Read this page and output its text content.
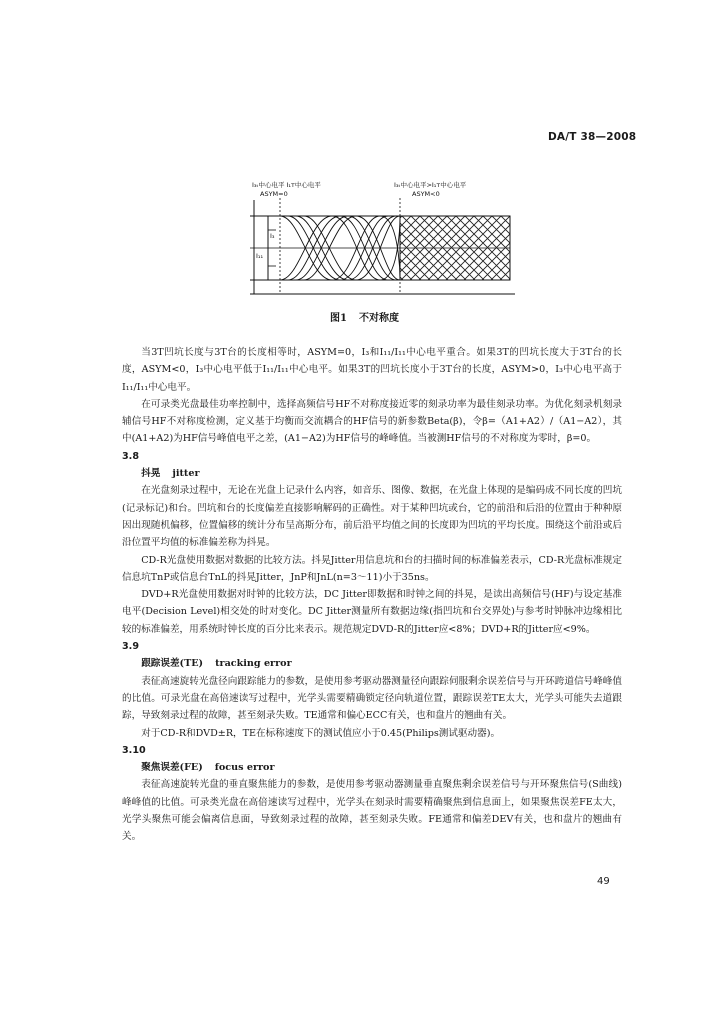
DA/T 38—2008
I₃ₜ中心电平 I₁ᴛ中心电平
ASYM=0
I₃ₜ中心电平>I₁ᴛ中心电平
ASYM<0
I₃
I₁₁
图1 不对称度

当3T凹坑长度与3T台的长度相等时，ASYM=0，I₃和I₁₁/I₁₁中心电平重合。如果3T的凹坑长度大于3T台的长度，ASYM<0，I₃中心电平低于I₁₁/I₁₁中心电平。如果3T的凹坑长度小于3T台的长度，ASYM>0，I₃中心电平高于I₁₁/I₁₁中心电平。

在可录类光盘最佳功率控制中，选择高频信号HF不对称度接近零的刻录功率为最佳刻录功率。为优化刻录机刻录辅信号HF不对称度检测，定义基于均衡而交流耦合的HF信号的新参数Beta(β)，令β=（A1+A2）/（A1−A2），其中(A1+A2)为HF信号峰值电平之差，(A1−A2)为HF信号的峰峰值。当被测HF信号的不对称度为零时，β=0。

3.8

抖晃 jitter

在光盘刻录过程中，无论在光盘上记录什么内容，如音乐、图像、数据，在光盘上体现的是编码成不同长度的凹坑(记录标记)和台。凹坑和台的长度偏差直接影响解码的正确性。对于某种凹坑或台，它的前沿和后沿的位置由于种种原因出现随机偏移，位置偏移的统计分布呈高斯分布，前后沿平均值之间的长度即为凹坑的平均长度。围绕这个前沿或后沿位置平均值的标准偏差称为抖晃。

CD-R光盘使用数据对数据的比较方法。抖晃Jitter用信息坑和台的扫描时间的标准偏差表示，CD-R光盘标准规定信息坑TnP或信息台TnL的抖晃Jitter，JnP和JnL(n=3～11)小于35ns。

DVD+R光盘使用数据对时钟的比较方法，DC Jitter即数据和时钟之间的抖晃，是读出高频信号(HF)与设定基准电平(Decision Level)相交处的时对变化。DC Jitter测量所有数据边缘(指凹坑和台交界处)与参考时钟脉冲边缘相比较的标准偏差，用系统时钟长度的百分比来表示。规范规定DVD-R的Jitter应<8%；DVD+R的Jitter应<9%。

3.9

跟踪误差(TE) tracking error

表征高速旋转光盘径向跟踪能力的参数，是使用参考驱动器测量径向跟踪伺服剩余误差信号与开环跨道信号峰峰值的比值。可录光盘在高倍速读写过程中，光学头需要精确锁定径向轨道位置，跟踪误差TE太大，光学头可能失去道跟踪，导致刻录过程的故障，甚至刻录失败。TE通常和偏心ECC有关，也和盘片的翘曲有关。

对于CD-R和DVD±R，TE在标称速度下的测试值应小于0.45(Philips测试驱动器)。

3.10

聚焦误差(FE) focus error

表征高速旋转光盘的垂直聚焦能力的参数，是使用参考驱动器测量垂直聚焦剩余误差信号与开环聚焦信号(S曲线)峰峰值的比值。可录类光盘在高倍速读写过程中，光学头在刻录时需要精确聚焦到信息面上，如果聚焦误差FE太大，光学头聚焦可能会偏离信息面，导致刻录过程的故障，甚至刻录失败。FE通常和偏差DEV有关，也和盘片的翘曲有关。

49
